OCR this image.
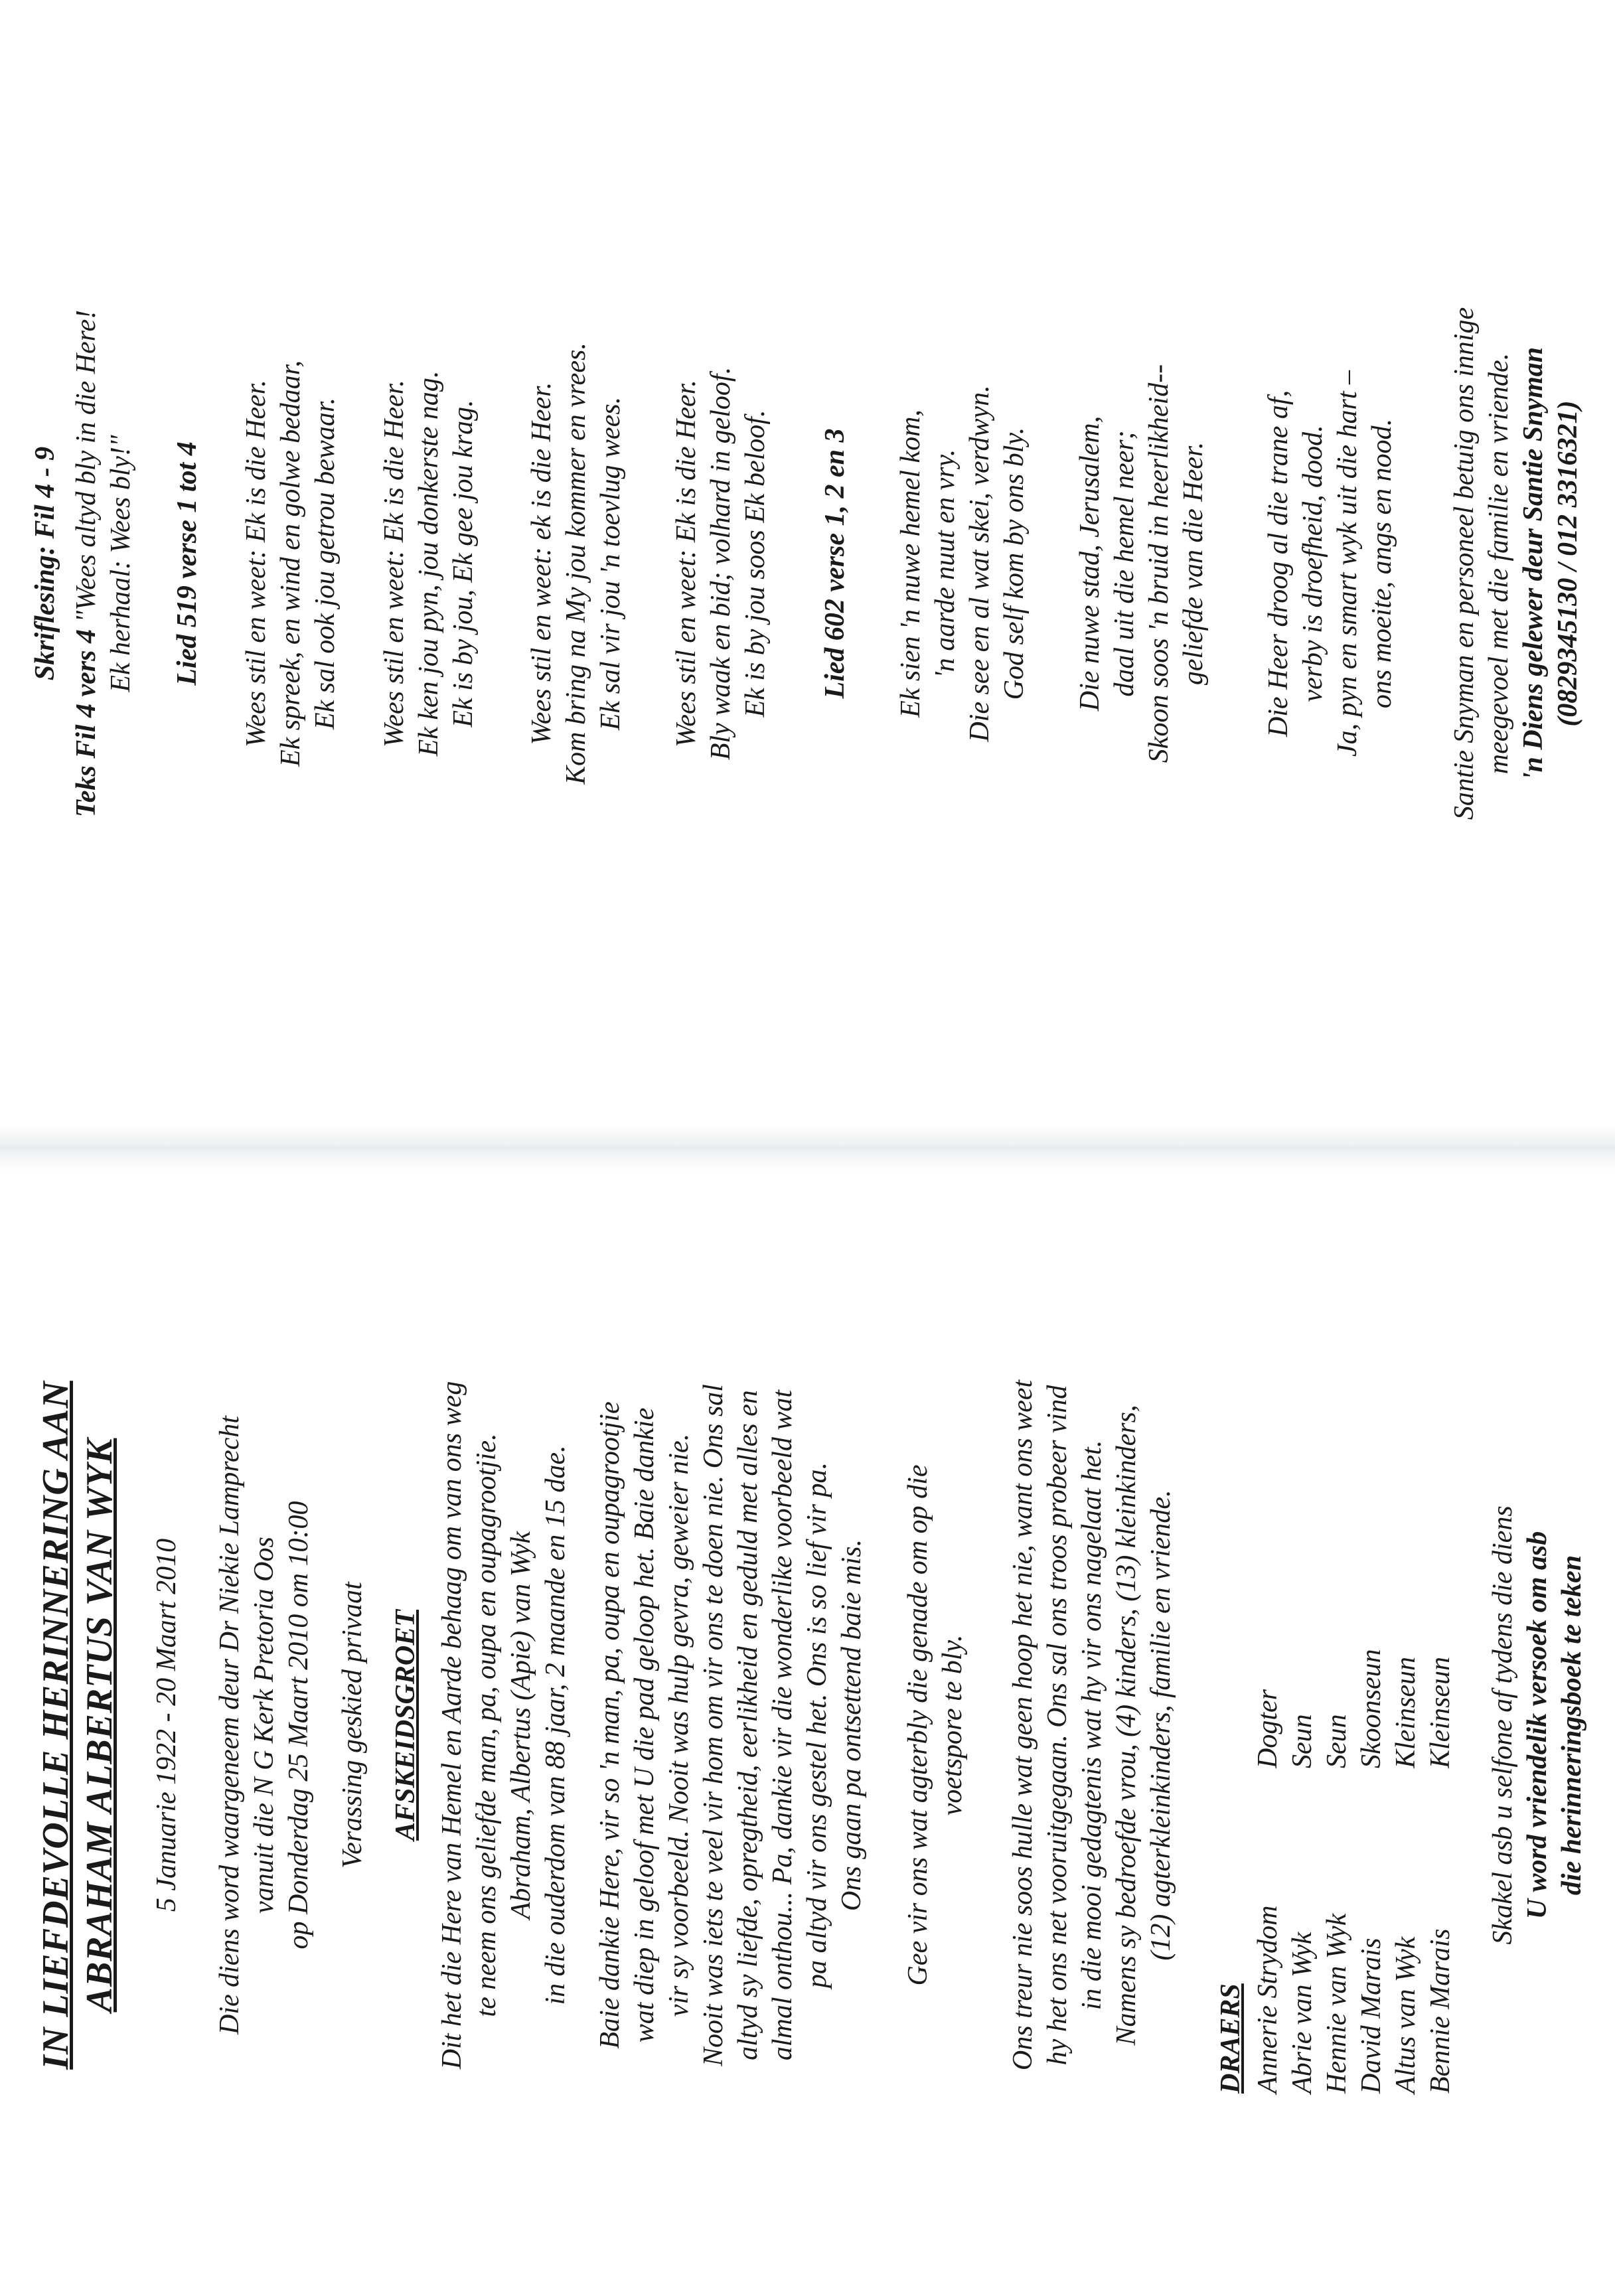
IN LIEFDEVOLLE HERINNERING AAN ABRAHAM ALBERTUS VAN WYK 5 Januarie 1922 - 20 Maart 2010 Die diens word waargeneem deur Dr Niekie Lamprecht vanuit die N G Kerk Pretoria Oos op Donderdag 25 Maart 2010 om 10:00 Verassing geskied privaat AFSKEIDSGROET Dit het die Here van Hemel en Aarde behaag om van ons weg te neem ons geliefde man, pa, oupa en oupagrootjie. Abraham, Albertus (Apie) van Wyk in die ouderdom van 88 jaar, 2 maande en 15 dae. Baie dankie Here, vir so 'n man, pa, oupa en oupagrootjie wat diep in geloof met U die pad geloop het. Baie dankie vir sy voorbeeld. Nooit was hulp gevra, geweier nie. Nooit was iets te veel vir hom om vir ons te doen nie. Ons sal altyd sy liefde, opregtheid, eerlikheid en geduld met alles en almal onthou... Pa, dankie vir die wonderlike voorbeeld wat pa altyd vir ons gestel het. Ons is so lief vir pa. Ons gaan pa ontsettend baie mis. Gee vir ons wat agterbly die genade om op die voetspore te bly. Ons treur nie soos hulle wat geen hoop het nie, want ons weet hy het ons net vooruitgegaan. Ons sal ons troos probeer vind in die mooi gedagtenis wat hy vir ons nagelaat het. Namens sy bedroefde vrou, (4) kinders, (13) kleinkinders, (12) agterkleinkinders, familie en vriende.
DRAERS Annerie Strydom
Dogter
Abrie van Wyk
Seun
Hennie van Wyk
Seun
David Marais
Skoonseun
Altus van Wyk
Kleinseun
Bennie Marais
Kleinseun Skakel asb u selfone af tydens die diens U word vriendelik versoek om asb die herinneringsboek te teken
Skriflesing: Fil 4 - 9
Teks Fil 4 vers 4 "Wees altyd bly in die Here! Ek herhaal: Wees bly!" Lied 519 verse 1 tot 4 Wees stil en weet: Ek is die Heer. Ek spreek, en wind en golwe bedaar, Ek sal ook jou getrou bewaar. Wees stil en weet: Ek is die Heer. Ek ken jou pyn, jou donkerste nag. Ek is by jou, Ek gee jou krag. Wees stil en weet: ek is die Heer. Kom bring na My jou kommer en vrees. Ek sal vir jou 'n toevlug wees. Wees stil en weet: Ek is die Heer. Bly waak en bid; volhard in geloof. Ek is by jou soos Ek beloof. Lied 602 verse 1, 2 en 3 Ek sien 'n nuwe hemel kom, 'n aarde nuut en vry. Die see en al wat skei, verdwyn. God self kom by ons bly. Die nuwe stad, Jerusalem, daal uit die hemel neer; Skoon soos 'n bruid in heerlikheid-- geliefde van die Heer. Die Heer droog al die trane af, verby is droefheid, dood. Ja, pyn en smart wyk uit die hart – ons moeite, angs en nood. Santie Snyman en personeel betuig ons innige meegevoel met die familie en vriende. 'n Diens gelewer deur Santie Snyman (0829345130 / 012 3316321)
